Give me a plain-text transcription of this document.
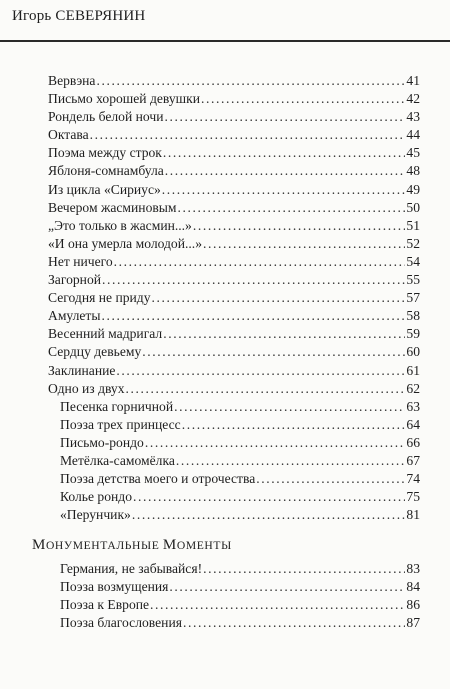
Игорь СЕВЕРЯНИН
Вервэна .....	41
Письмо хорошей девушки .....	42
Рондель белой ночи .....	43
Октава .....	44
Поэма между строк .....	45
Яблоня-сомнамбула .....	48
Из цикла «Сириус» .....	49
Вечером жасминовым .....	50
„Это только в жасмин...» .....	51
«И она умерла молодой...» .....	52
Нет ничего .....	54
Загорной .....	55
Сегодня не приду .....	57
Амулеты .....	58
Весенний мадригал .....	59
Сердцу девьему .....	60
Заклинание .....	61
Одно из двух .....	62
Песенка горничной .....	63
Поэза трех принцесс .....	64
Письмо-рондо .....	66
Метёлка-самомёлка .....	67
Поэза детства моего и отрочества .....	74
Колье рондо .....	75
«Перунчик» .....	81
МОНУМЕНТАЛЬНЫЕ МОМЕНТЫ
Германия, не забывайся! .....	83
Поэза возмущения .....	84
Поэза к Европе .....	86
Поэза благословения .....	87
